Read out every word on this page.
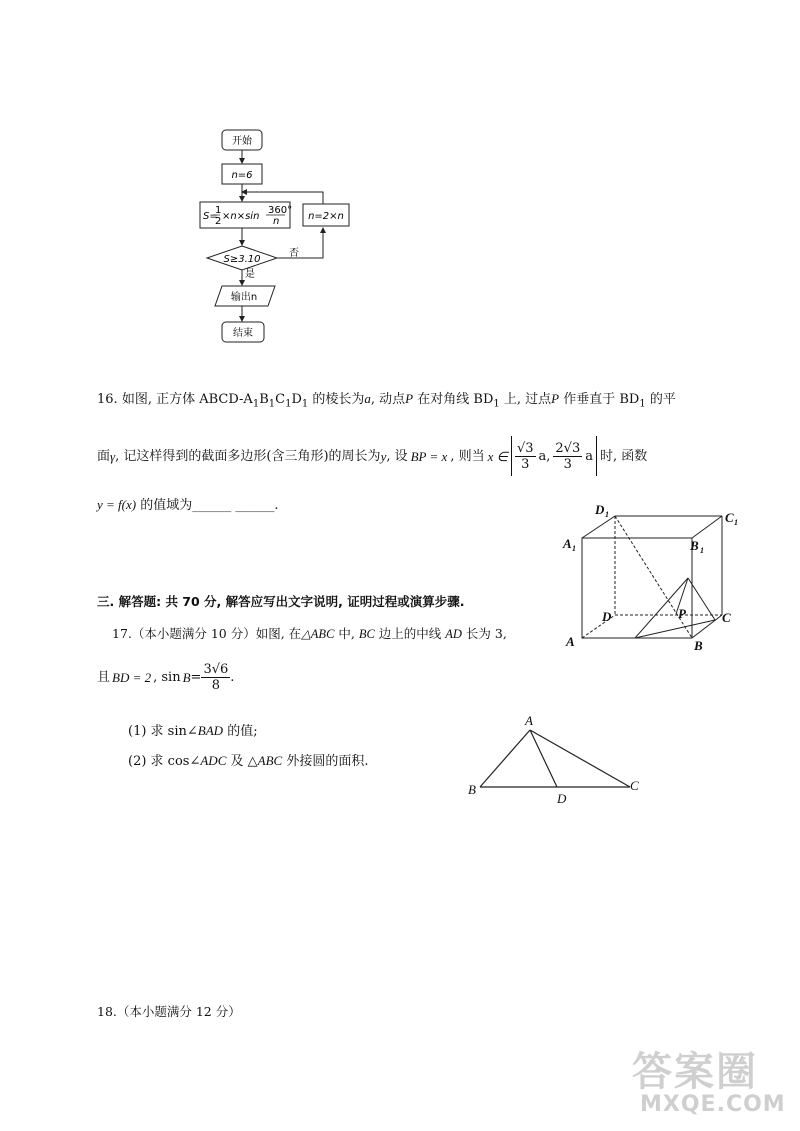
开始
n=6
S=
1
2 ×n×sin
360°
n
S≥3.10
否
n=2×n
是
输出n
结束
16. 如图, 正方体 ABCD-$A_1B_1C_1D_1$ 的棱长为a, 动点P 在对角线 $BD_1$ 上, 过点P 作垂直于 $BD_1$ 的平
面 γ , 记这样得到的截面多边形(含三角形)的周长为 y , 设 BP = x , 则当 x ∈ $\frac{√3}{3} a$, $\frac{2√3}{3}$ a 时, 函数
y = f(x) 的值域为______ ______.	D 1	C 1
A 1	B 1
D	P	C
A	B
三. 解答题: 共 70 分, 解答应写出文字说明, 证明过程或演算步骤.
17.（本小题满分 10 分）如图, 在△ABC 中, BC 边上的中线 AD 长为 3,
且 BD = 2 , $\sin B = \frac{3√6}{8}$ .
(1) 求 sin∠BAD 的值;
(2) 求 cos∠ADC 及 △ABC 外接圆的面积.
A
B	C
D
18.（本小题满分 12 分）
答案圈
MXQE.COM
